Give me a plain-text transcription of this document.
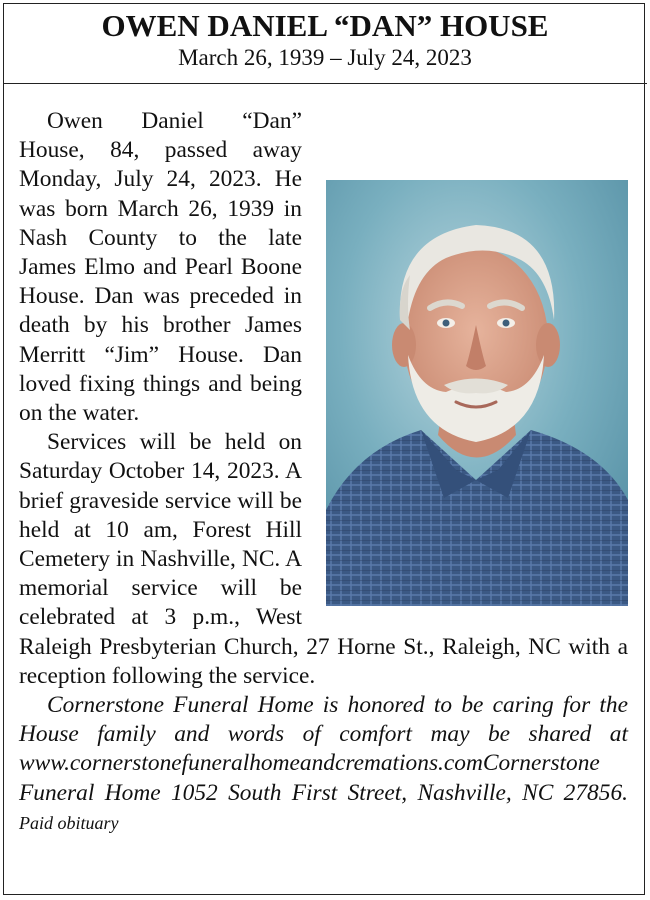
OWEN DANIEL “DAN” HOUSE

March 26, 1939 – July 24, 2023

Owen Daniel “Dan” House, 84, passed away Monday, July 24, 2023. He was born March 26, 1939 in Nash County to the late James Elmo and Pearl Boone House. Dan was preceded in death by his brother James Merritt “Jim” House. Dan loved fixing things and being on the water.

Services will be held on Saturday October 14, 2023. A brief graveside service will be held at 10 am, Forest Hill Cemetery in Nashville, NC. A memorial service will be celebrated at 3 p.m., West Raleigh Presbyterian Church, 27 Horne St., Raleigh, NC with a reception following the service.

Cornerstone Funeral Home is honored to be caring for the House family and words of comfort may be shared at www.cornerstonefuneralhomeandcremations.comCornerstone Funeral Home 1052 South First Street, Nashville, NC 27856. Paid obituary
